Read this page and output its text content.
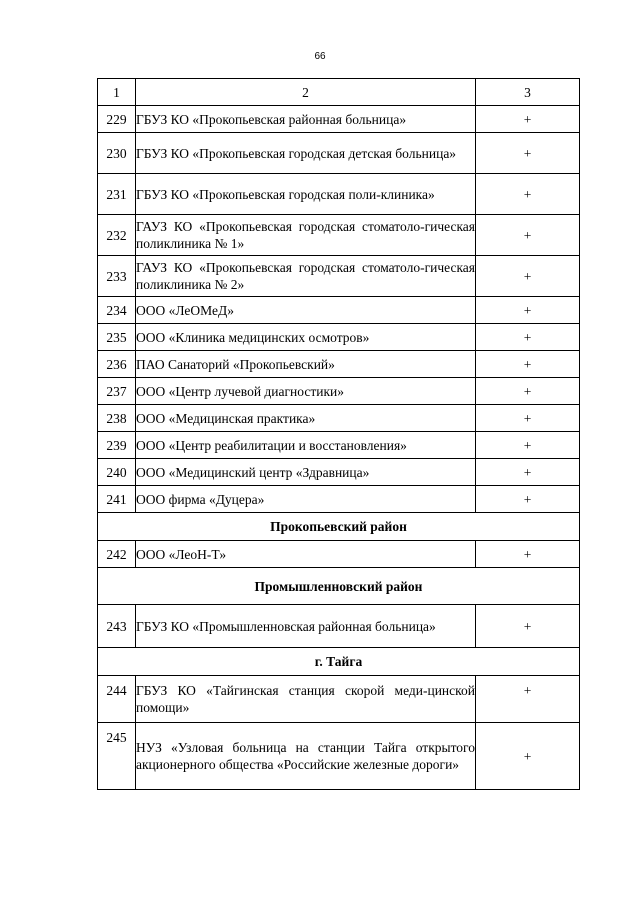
66
1	2	3
229	ГБУЗ КО «Прокопьевская районная больница»	+
230	ГБУЗ КО «Прокопьевская городская детская больница»	+
231	ГБУЗ КО «Прокопьевская городская поли-клиника»	+
232	ГАУЗ КО «Прокопьевская городская стоматоло-гическая поликлиника № 1»	+
233	ГАУЗ КО «Прокопьевская городская стоматоло-гическая поликлиника № 2»	+
234	ООО «ЛеОМеД»	+
235	ООО «Клиника медицинских осмотров»	+
236	ПАО Санаторий «Прокопьевский»	+
237	ООО «Центр лучевой диагностики»	+
238	ООО «Медицинская практика»	+
239	ООО «Центр реабилитации и восстановления»	+
240	ООО «Медицинский центр «Здравница»	+
241	ООО фирма «Дуцера»	+
Прокопьевский район		
242	ООО «ЛеоН-Т»	+
Промышленновский район		
243	ГБУЗ КО «Промышленновская районная больница»	+
г. Тайга		
244	ГБУЗ КО «Тайгинская станция скорой меди-цинской помощи»	+
245	НУЗ «Узловая больница на станции Тайга открытого акционерного общества «Российские железные дороги»	+
